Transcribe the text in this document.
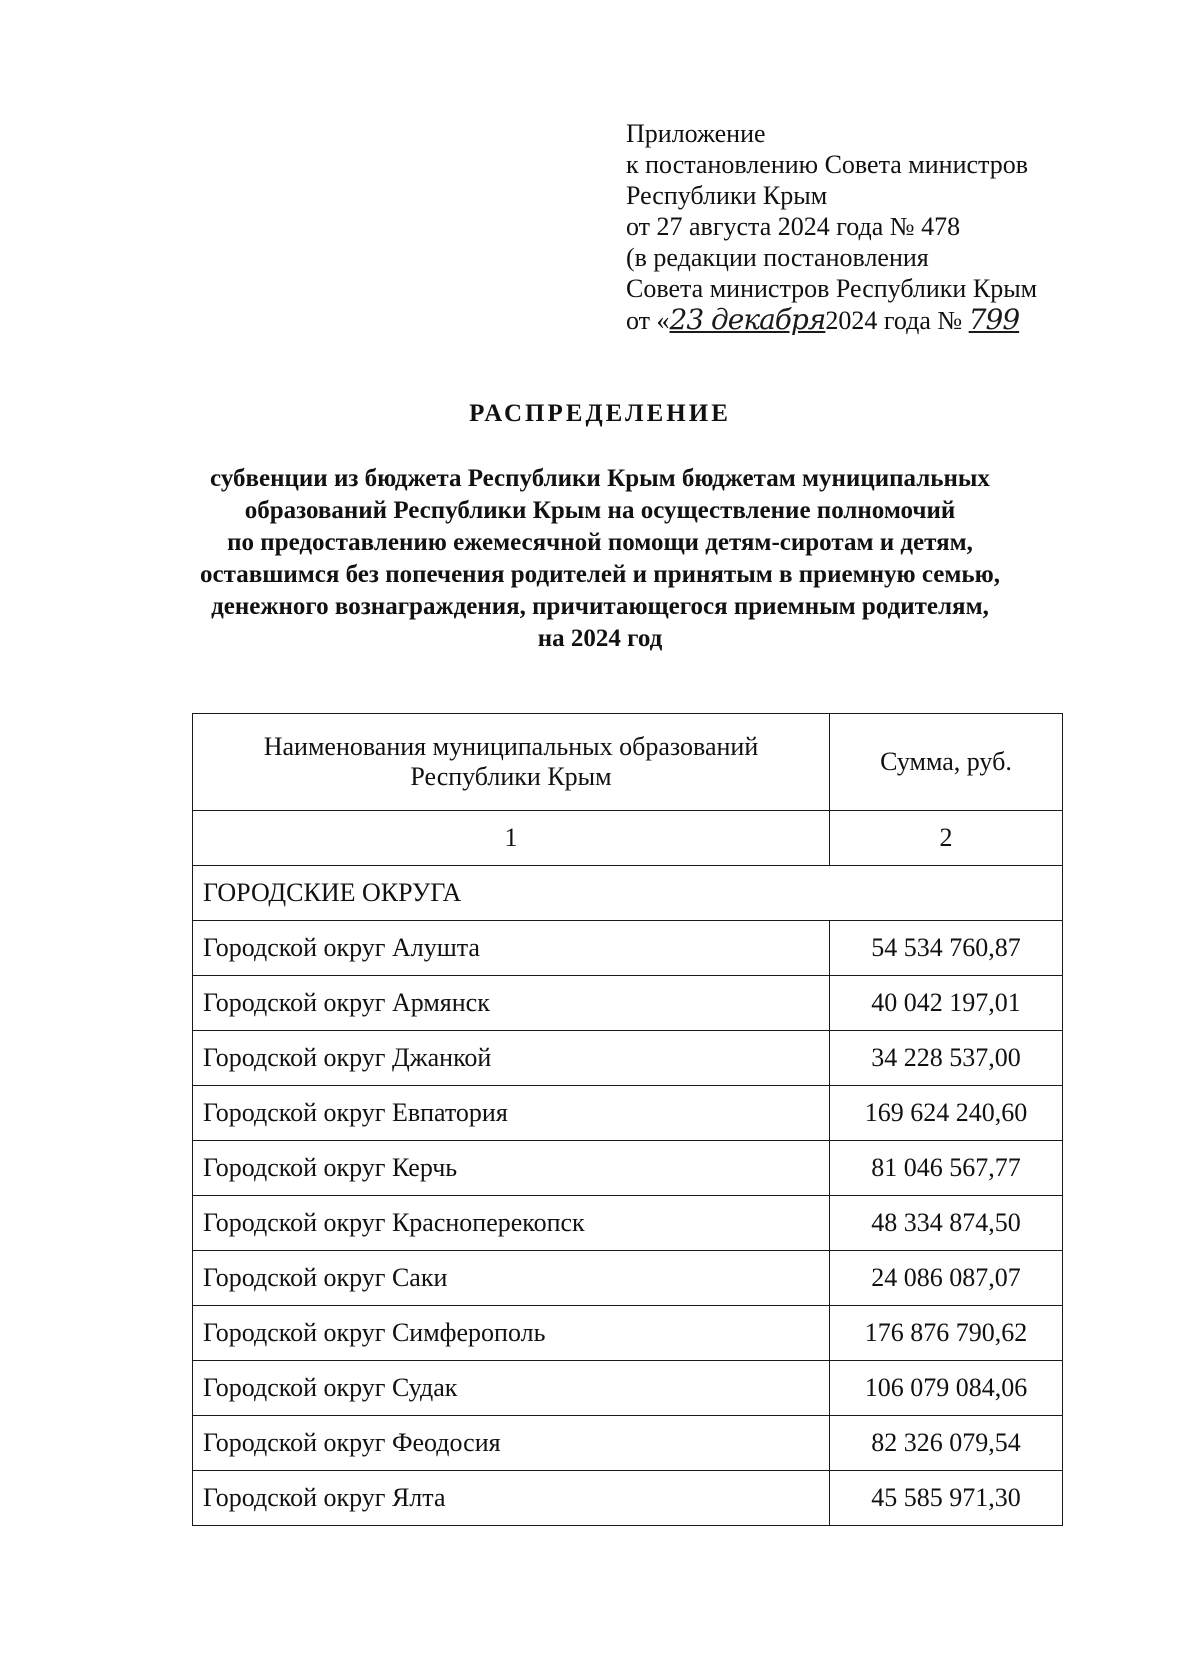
Приложение
к постановлению Совета министров
Республики Крым
от 27 августа 2024 года № 478
(в редакции постановления
Совета министров Республики Крым
от «23 декабря2024 года № 799
РАСПРЕДЕЛЕНИЕ
субвенции из бюджета Республики Крым бюджетам муниципальных
образований Республики Крым на осуществление полномочий
по предоставлению ежемесячной помощи детям-сиротам и детям,
оставшимся без попечения родителей и принятым в приемную семью,
денежного вознаграждения, причитающегося приемным родителям,
на 2024 год
Наименования муниципальных образований
Республики Крым	Сумма, руб.
1	2
ГОРОДСКИЕ ОКРУГА	
Городской округ Алушта	54 534 760,87
Городской округ Армянск	40 042 197,01
Городской округ Джанкой	34 228 537,00
Городской округ Евпатория	169 624 240,60
Городской округ Керчь	81 046 567,77
Городской округ Красноперекопск	48 334 874,50
Городской округ Саки	24 086 087,07
Городской округ Симферополь	176 876 790,62
Городской округ Судак	106 079 084,06
Городской округ Феодосия	82 326 079,54
Городской округ Ялта	45 585 971,30
